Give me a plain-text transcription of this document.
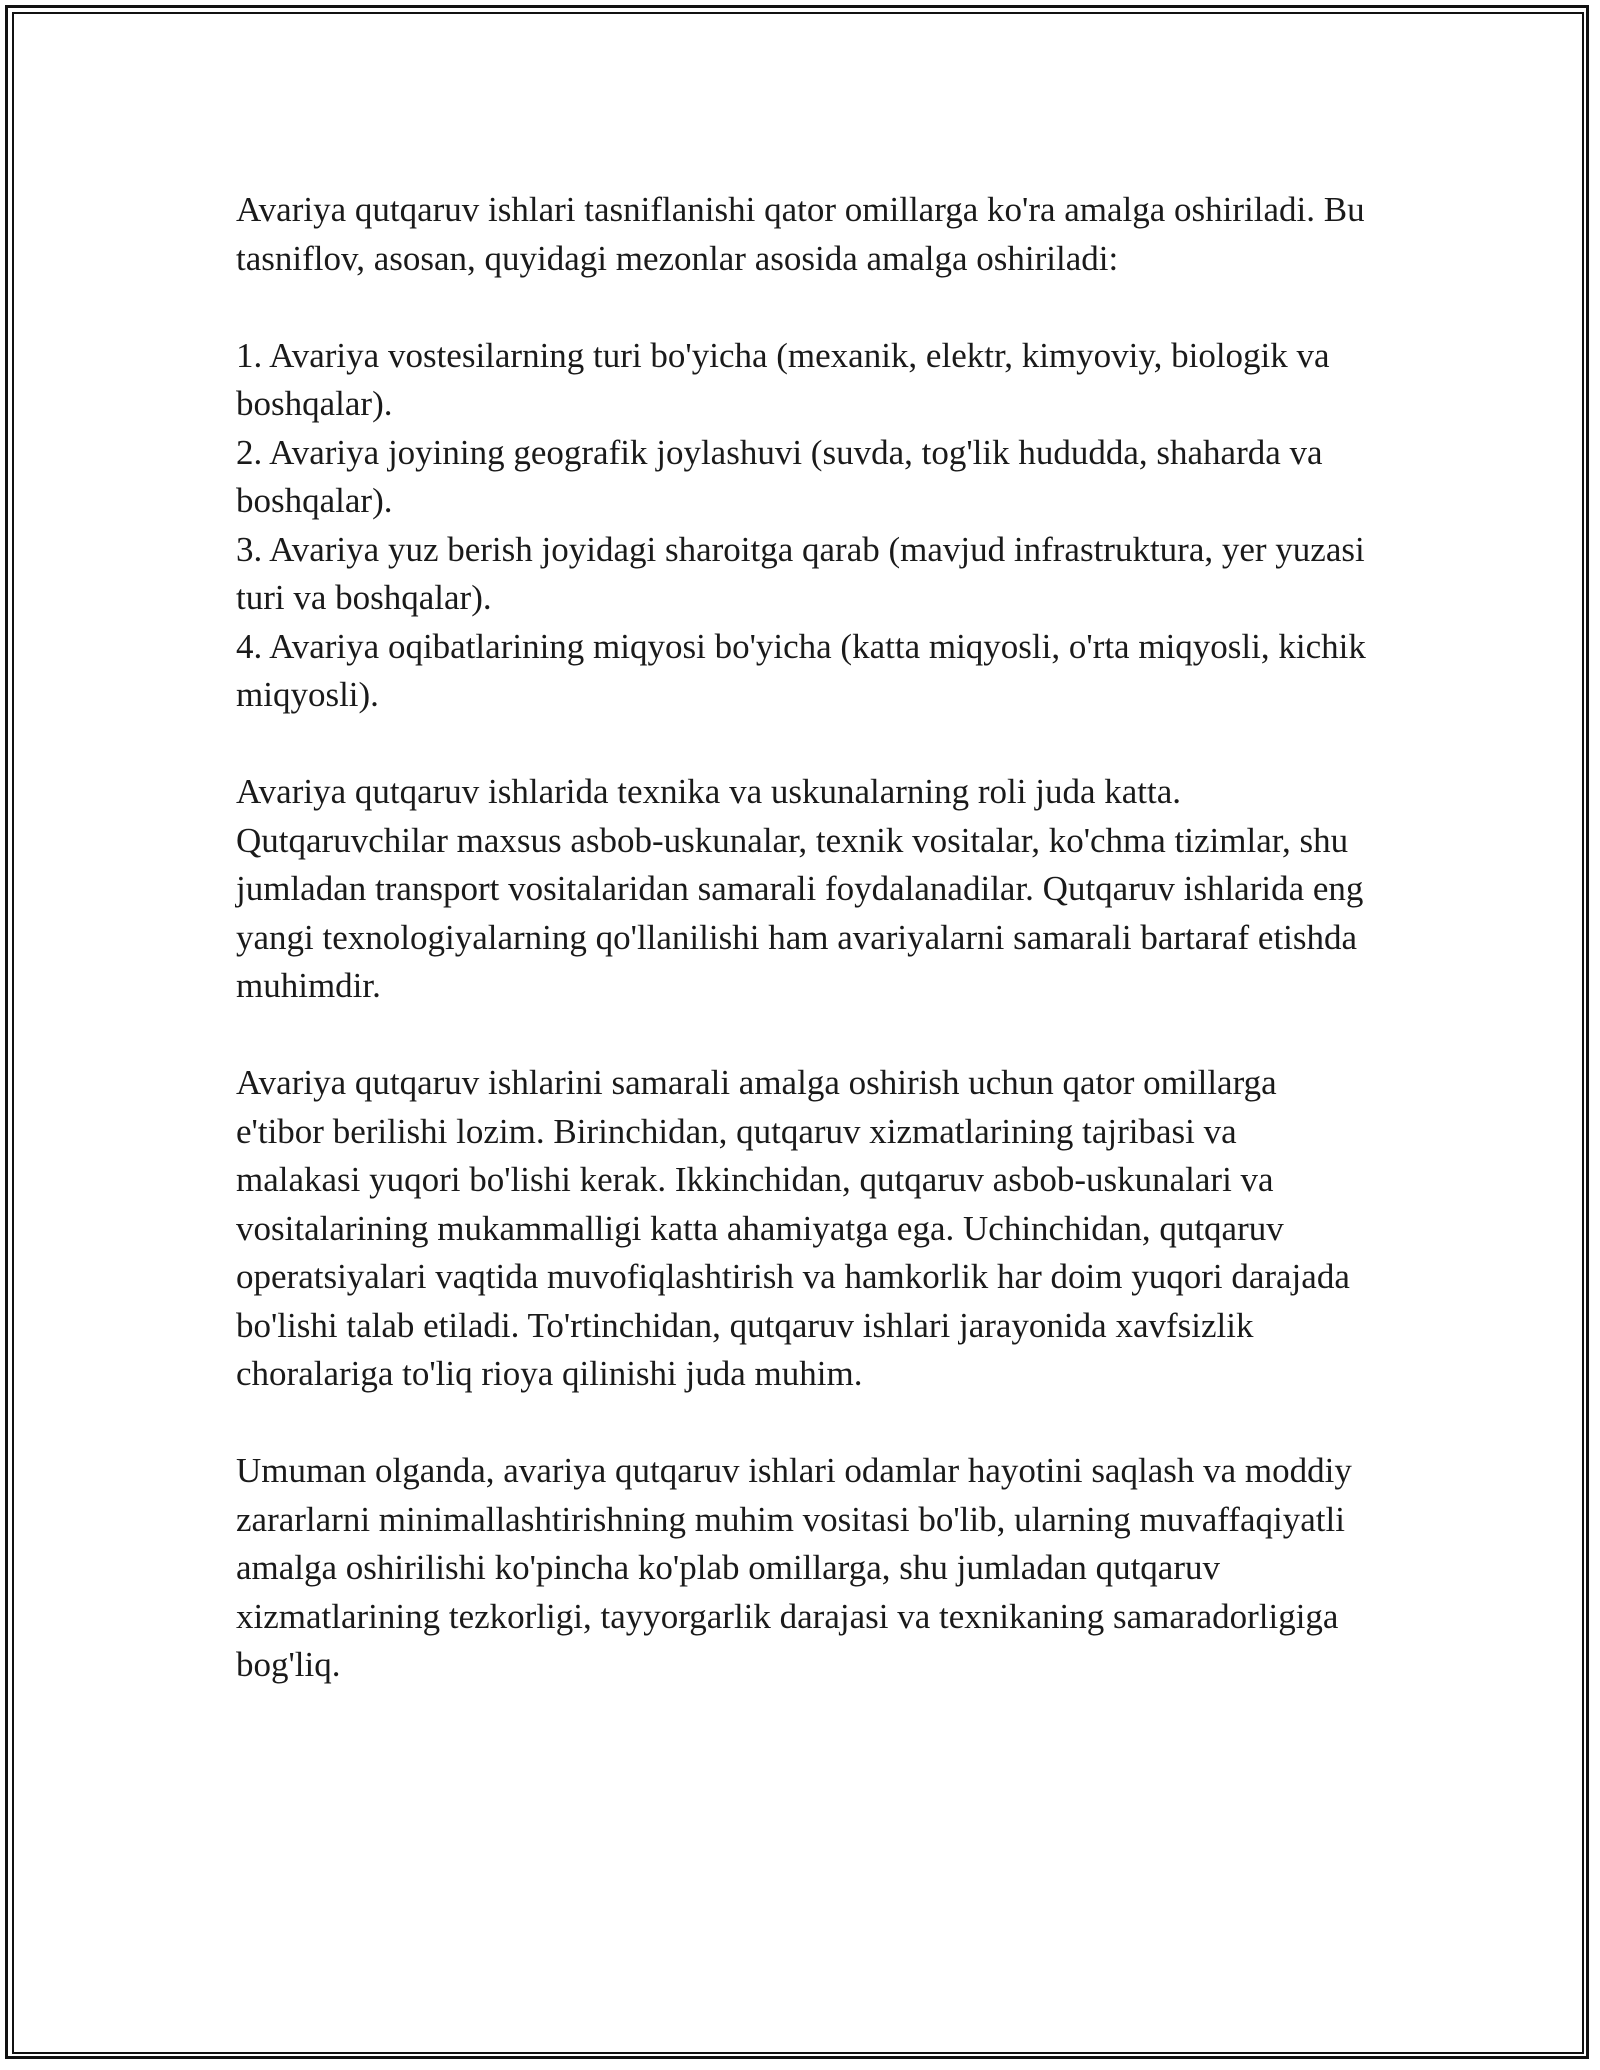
Avariya qutqaruv ishlari tasniflanishi qator omillarga ko'ra amalga oshiriladi. Bu tasniflov, asosan, quyidagi mezonlar asosida amalga oshiriladi:

1. Avariya vostesilarning turi bo'yicha (mexanik, elektr, kimyoviy, biologik va boshqalar).

2. Avariya joyining geografik joylashuvi (suvda, tog'lik hududda, shaharda va boshqalar).

3. Avariya yuz berish joyidagi sharoitga qarab (mavjud infrastruktura, yer yuzasi turi va boshqalar).

4. Avariya oqibatlarining miqyosi bo'yicha (katta miqyosli, o'rta miqyosli, kichik miqyosli).

Avariya qutqaruv ishlarida texnika va uskunalarning roli juda katta. Qutqaruvchilar maxsus asbob-uskunalar, texnik vositalar, ko'chma tizimlar, shu jumladan transport vositalaridan samarali foydalanadilar. Qutqaruv ishlarida eng yangi texnologiyalarning qo'llanilishi ham avariyalarni samarali bartaraf etishda muhimdir.

Avariya qutqaruv ishlarini samarali amalga oshirish uchun qator omillarga e'tibor berilishi lozim. Birinchidan, qutqaruv xizmatlarining tajribasi va malakasi yuqori bo'lishi kerak. Ikkinchidan, qutqaruv asbob-uskunalari va vositalarining mukammalligi katta ahamiyatga ega. Uchinchidan, qutqaruv operatsiyalari vaqtida muvofiqlashtirish va hamkorlik har doim yuqori darajada bo'lishi talab etiladi. To'rtinchidan, qutqaruv ishlari jarayonida xavfsizlik choralariga to'liq rioya qilinishi juda muhim.

Umuman olganda, avariya qutqaruv ishlari odamlar hayotini saqlash va moddiy zararlarni minimallashtirishning muhim vositasi bo'lib, ularning muvaffaqiyatli amalga oshirilishi ko'pincha ko'plab omillarga, shu jumladan qutqaruv xizmatlarining tezkorligi, tayyorgarlik darajasi va texnikaning samaradorligiga bog'liq.
